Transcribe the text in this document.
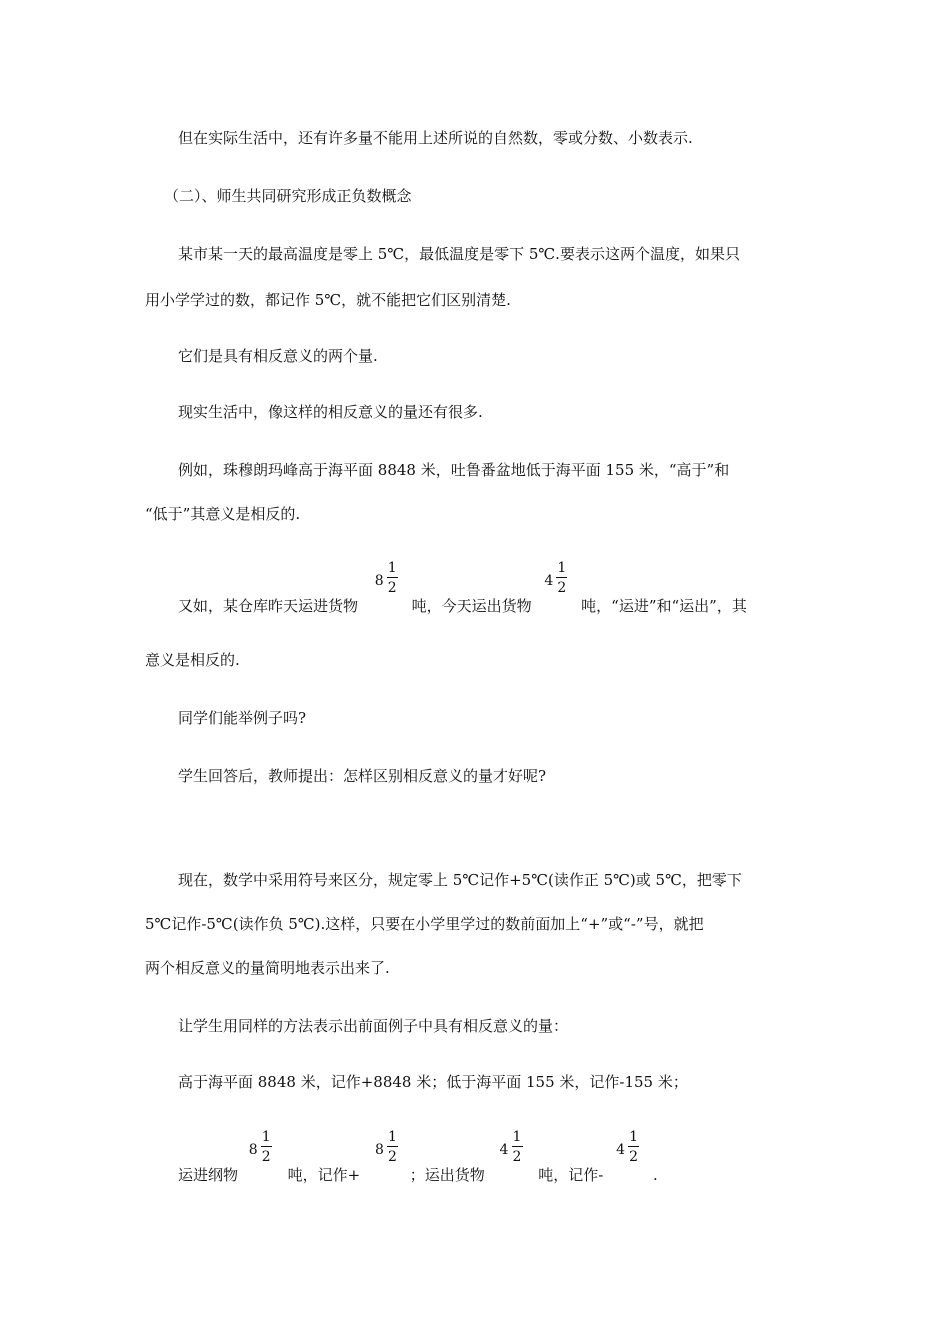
但在实际生活中，还有许多量不能用上述所说的自然数，零或分数、小数表示.
（二）、师生共同研究形成正负数概念
某市某一天的最高温度是零上 5℃，最低温度是零下 5℃.要表示这两个温度，如果只
用小学学过的数，都记作 5℃，就不能把它们区别清楚.
它们是具有相反意义的两个量.
现实生活中，像这样的相反意义的量还有很多.
例如，珠穆朗玛峰高于海平面 8848 米，吐鲁番盆地低于海平面 155 米，“高于”和
“低于”其意义是相反的.
又如，某仓库昨天运进货物
8
1
2
吨，今天运出货物
4
1
2
吨，“运进”和“运出”，其
意义是相反的.
同学们能举例子吗?
学生回答后，教师提出：怎样区别相反意义的量才好呢?
现在，数学中采用符号来区分，规定零上 5℃记作+5℃(读作正 5℃)或 5℃，把零下
5℃记作-5℃(读作负 5℃).这样，只要在小学里学过的数前面加上“+”或“-”号，就把
两个相反意义的量简明地表示出来了.
让学生用同样的方法表示出前面例子中具有相反意义的量：
高于海平面 8848 米，记作+8848 米；低于海平面 155 米，记作-155 米；
运进纲物
8
1
2
吨，记作+
8
1
2
；运出货物
4
1
2
吨，记作-
4
1
2
.
